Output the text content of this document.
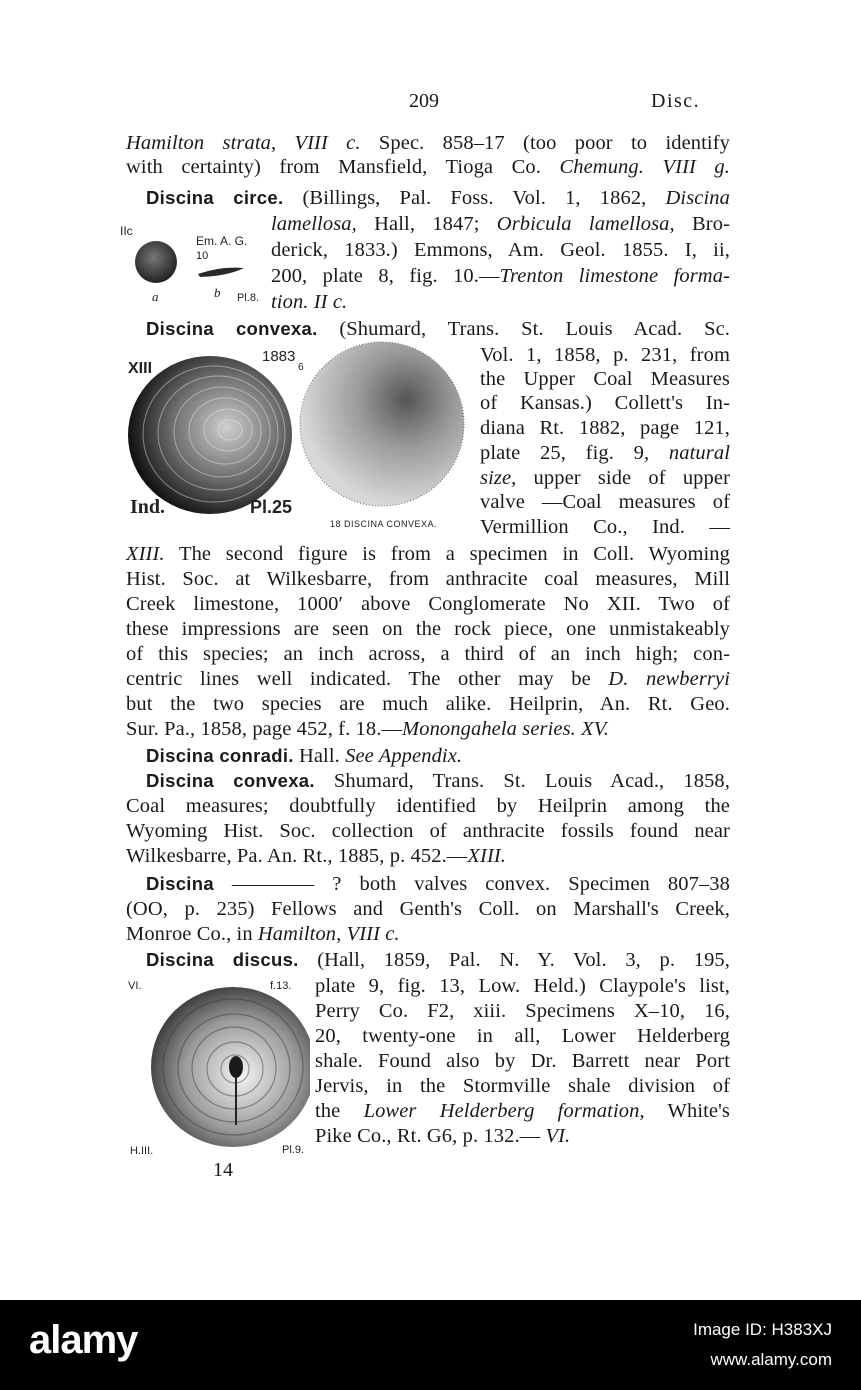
209	Disc.
Hamilton strata, VIII c. Spec. 858–17 (too poor to identify
with certainty) from Mansfield, Tioga Co. Chemung. VIII g.
Discina circe. (Billings, Pal. Foss. Vol. 1, 1862, Discina
lamellosa, Hall, 1847; Orbicula lamellosa, Bro-
derick, 1833.) Emmons, Am. Geol. 1855. I, ii,
200, plate 8, fig. 10.—Trenton limestone forma-
tion. II c.
Discina convexa. (Shumard, Trans. St. Louis Acad. Sc.
Vol. 1, 1858, p. 231, from
the Upper Coal Measures
of Kansas.) Collett's In-
diana Rt. 1882, page 121,
plate 25, fig. 9, natural
size, upper side of upper
valve —Coal measures of
Vermillion Co., Ind. —
XIII. The second figure is from a specimen in Coll. Wyoming
Hist. Soc. at Wilkesbarre, from anthracite coal measures, Mill
Creek limestone, 1000′ above Conglomerate No XII. Two of
these impressions are seen on the rock piece, one unmistakeably
of this species; an inch across, a third of an inch high; con-
centric lines well indicated. The other may be D. newberryi
but the two species are much alike. Heilprin, An. Rt. Geo.
Sur. Pa., 1858, page 452, f. 18.—Monongahela series. XV.
Discina conradi. Hall. See Appendix.
Discina convexa. Shumard, Trans. St. Louis Acad., 1858,
Coal measures; doubtfully identified by Heilprin among the
Wyoming Hist. Soc. collection of anthracite fossils found near
Wilkesbarre, Pa. An. Rt., 1885, p. 452.—XIII.
Discina ———— ? both valves convex. Specimen 807–38
(OO, p. 235) Fellows and Genth's Coll. on Marshall's Creek,
Monroe Co., in Hamilton, VIII c.
Discina discus. (Hall, 1859, Pal. N. Y. Vol. 3, p. 195,
plate 9, fig. 13, Low. Held.) Claypole's list,
Perry Co. F2, xiii. Specimens X–10, 16,
20, twenty-one in all, Lower Helderberg
shale. Found also by Dr. Barrett near Port
Jervis, in the Stormville shale division of
the Lower Helderberg formation, White's
Pike Co., Rt. G6, p. 132.— VI.
IIc
Em. A. G.
10
a	b Pl.8.
XIII
1883
6
Ind.	Pl.25
18 DISCINA CONVEXA.
VI.	f.13.
H.III.	Pl.9.
14
alamy	Image ID: H383XJ
www.alamy.com
